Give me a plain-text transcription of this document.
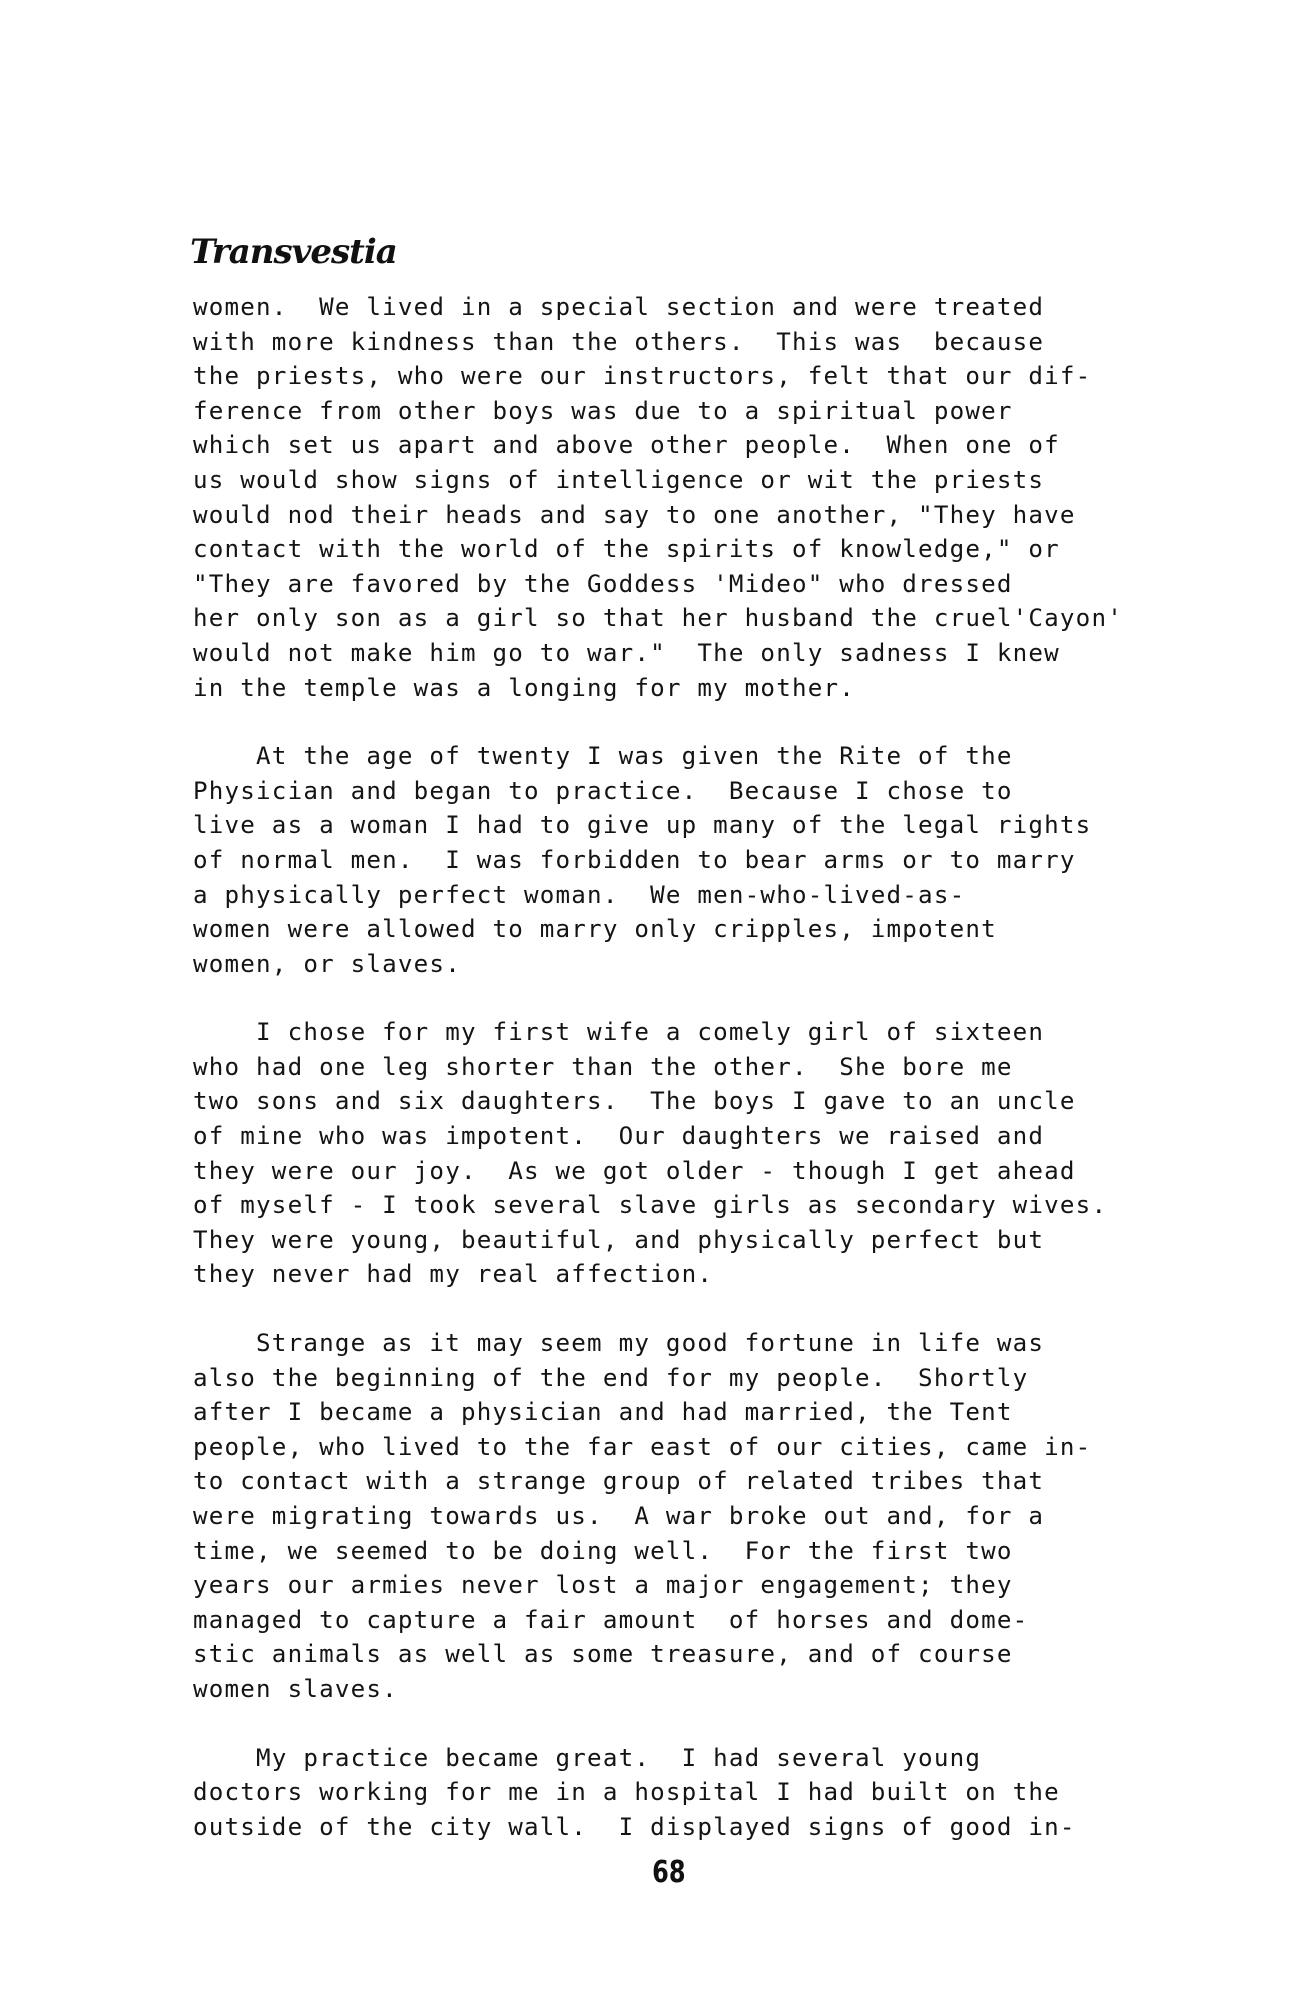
Transvestia
women.  We lived in a special section and were treated
with more kindness than the others.  This was  because
the priests, who were our instructors, felt that our dif-
ference from other boys was due to a spiritual power
which set us apart and above other people.  When one of
us would show signs of intelligence or wit the priests
would nod their heads and say to one another, "They have
contact with the world of the spirits of knowledge," or
"They are favored by the Goddess 'Mideo" who dressed
her only son as a girl so that her husband the cruel'Cayon'
would not make him go to war."  The only sadness I knew
in the temple was a longing for my mother.
At the age of twenty I was given the Rite of the
Physician and began to practice.  Because I chose to
live as a woman I had to give up many of the legal rights
of normal men.  I was forbidden to bear arms or to marry
a physically perfect woman.  We men-who-lived-as-
women were allowed to marry only cripples, impotent
women, or slaves.
I chose for my first wife a comely girl of sixteen
who had one leg shorter than the other.  She bore me
two sons and six daughters.  The boys I gave to an uncle
of mine who was impotent.  Our daughters we raised and
they were our joy.  As we got older - though I get ahead
of myself - I took several slave girls as secondary wives.
They were young, beautiful, and physically perfect but
they never had my real affection.
Strange as it may seem my good fortune in life was
also the beginning of the end for my people.  Shortly
after I became a physician and had married, the Tent
people, who lived to the far east of our cities, came in-
to contact with a strange group of related tribes that
were migrating towards us.  A war broke out and, for a
time, we seemed to be doing well.  For the first two
years our armies never lost a major engagement; they
managed to capture a fair amount  of horses and dome-
stic animals as well as some treasure, and of course
women slaves.
My practice became great.  I had several young
doctors working for me in a hospital I had built on the
outside of the city wall.  I displayed signs of good in-
68
